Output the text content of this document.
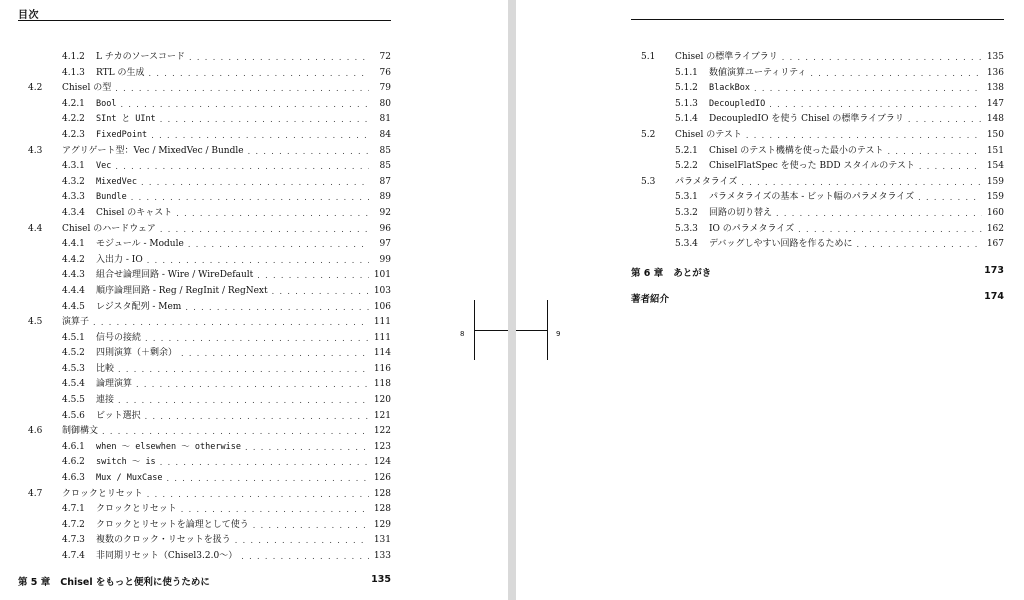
目次
4.1.2	L チカのソースコード . . .	72
4.1.3	RTL の生成 . . .	76
4.2	Chisel の型 . . .	79
4.2.1	Bool . . .	80
4.2.2	SInt と UInt . . .	81
4.2.3	FixedPoint . . .	84
4.3	アグリゲート型：Vec / MixedVec / Bundle . . .	85
4.3.1	Vec . . .	85
4.3.2	MixedVec . . .	87
4.3.3	Bundle . . .	89
4.3.4	Chisel のキャスト . . .	92
4.4	Chisel のハードウェア . . .	96
4.4.1	モジュール - Module . . .	97
4.4.2	入出力 - IO . . .	99
4.4.3	組合せ論理回路 - Wire / WireDefault . . .	101
4.4.4	順序論理回路 - Reg / RegInit / RegNext . . .	103
4.4.5	レジスタ配列 - Mem . . .	106
4.5	演算子 . . .	111
4.5.1	信号の接続 . . .	111
4.5.2	四則演算（＋剰余） . . .	114
4.5.3	比較 . . .	116
4.5.4	論理演算 . . .	118
4.5.5	連接 . . .	120
4.5.6	ビット選択 . . .	121
4.6	制御構文 . . .	122
4.6.1	when 〜 elsewhen 〜 otherwise . . .	123
4.6.2	switch 〜 is . . .	124
4.6.3	Mux / MuxCase . . .	126
4.7	クロックとリセット . . .	128
4.7.1	クロックとリセット . . .	128
4.7.2	クロックとリセットを論理として使う . . .	129
4.7.3	複数のクロック・リセットを扱う . . .	131
4.7.4	非同期リセット（Chisel3.2.0〜） . . .	133
第 5 章 Chisel をもっと便利に使うために	135
8
5.1	Chisel の標準ライブラリ . . .	135
5.1.1	数値演算ユーティリティ . . .	136
5.1.2	BlackBox . . .	138
5.1.3	DecoupledIO . . .	147
5.1.4	DecoupledIO を使う Chisel の標準ライブラリ . . .	148
5.2	Chisel のテスト . . .	150
5.2.1	Chisel のテスト機構を使った最小のテスト . . .	151
5.2.2	ChiselFlatSpec を使った BDD スタイルのテスト . . .	154
5.3	パラメタライズ . . .	159
5.3.1	パラメタライズの基本 - ビット幅のパラメタライズ . . .	159
5.3.2	回路の切り替え . . .	160
5.3.3	IO のパラメタライズ . . .	162
5.3.4	デバッグしやすい回路を作るために . . .	167
第 6 章 あとがき	173
著者紹介	174
9
